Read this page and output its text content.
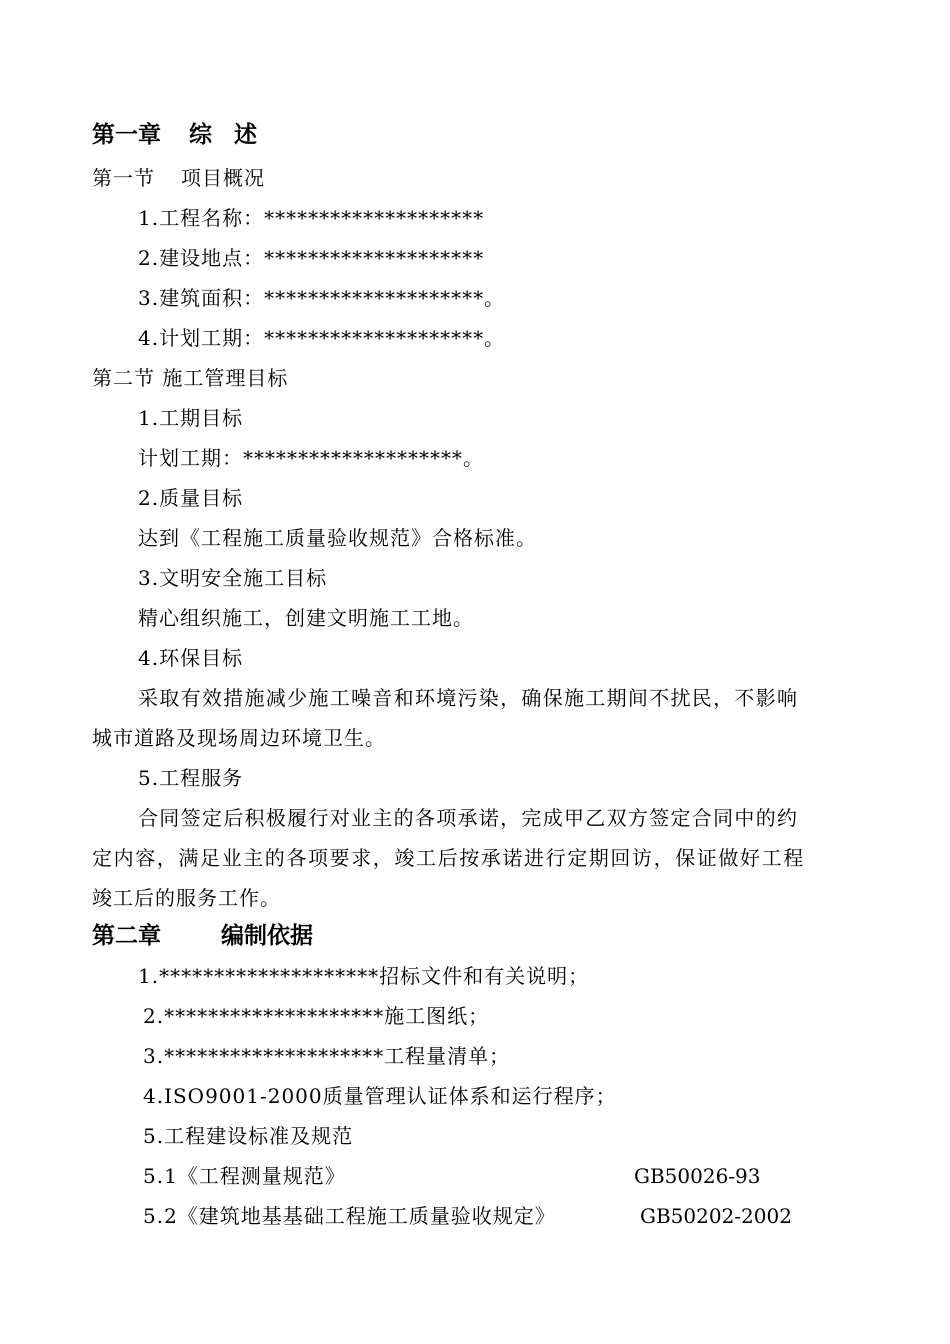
第一章 综 述
第一节 项目概况
1.工程名称：********************
2.建设地点：********************
3.建筑面积：********************。
4.计划工期：********************。
第二节 施工管理目标
1.工期目标
计划工期：********************。
2.质量目标
达到《工程施工质量验收规范》合格标准。
3.文明安全施工目标
精心组织施工，创建文明施工工地。
4.环保目标
采取有效措施减少施工噪音和环境污染，确保施工期间不扰民，不影响
城市道路及现场周边环境卫生。
5.工程服务
合同签定后积极履行对业主的各项承诺，完成甲乙双方签定合同中的约
定内容，满足业主的各项要求，竣工后按承诺进行定期回访，保证做好工程
竣工后的服务工作。
第二章	编制依据
1.********************招标文件和有关说明；
2.********************施工图纸；
3.********************工程量清单；
4.ISO9001-2000质量管理认证体系和运行程序；
5.工程建设标准及规范
5.1《工程测量规范》	GB50026-93
5.2《建筑地基基础工程施工质量验收规定》	GB50202-2002
